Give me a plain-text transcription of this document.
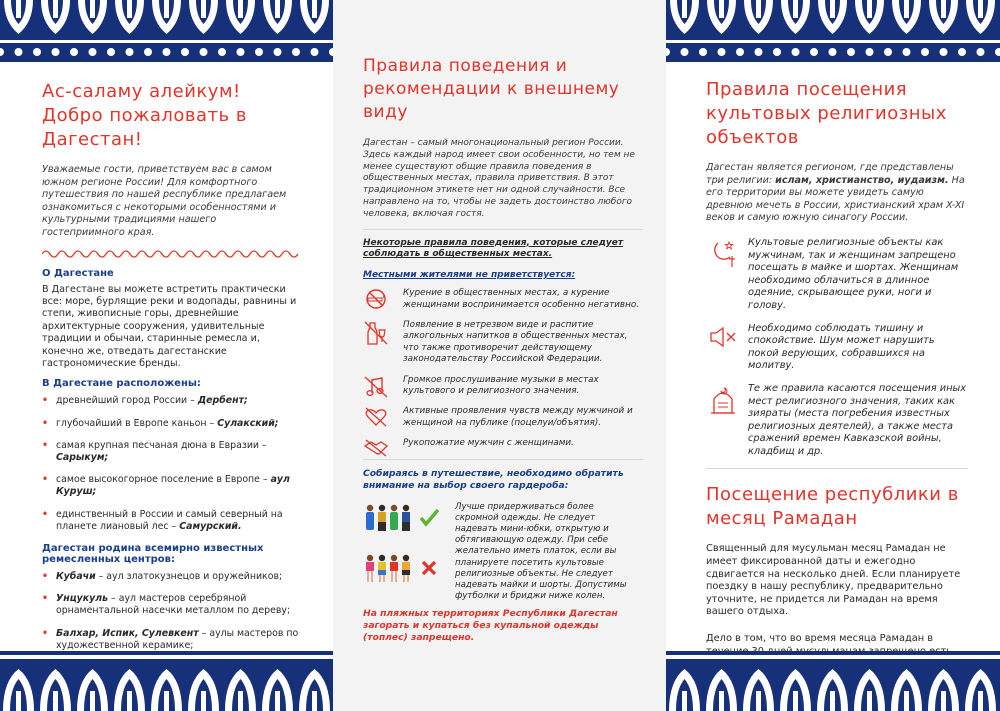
Ас-саламу алейкум! Добро пожаловать в Дагестан!
Уважаемые гости, приветствуем вас в самом южном регионе России! Для комфортного путешествия по нашей республике предлагаем ознакомиться с некоторыми особенностями и культурными традициями нашего гостеприимного края.
О Дагестане
В Дагестане вы можете встретить практически все: море, бурлящие реки и водопады, равнины и степи, живописные горы, древнейшие архитектурные сооружения, удивительные традиции и обычаи, старинные ремесла и, конечно же, отведать дагестанские гастрономические бренды.
В Дагестане расположены:
• древнейший город России – Дербент;
• глубочайший в Европе каньон – Сулакский;
• самая крупная песчаная дюна в Евразии – Сарыкум;
• самое высокогорное поселение в Европе – аул Куруш;
• единственный в России и самый северный на планете лиановый лес – Самурский.
Дагестан родина всемирно известных ремесленных центров:
• Кубачи – аул златокузнецов и оружейников;
• Унцукуль – аул мастеров серебряной орнаментальной насечки металлом по дереву;
• Балхар, Испик, Сулевкент – аулы мастеров по художественной керамике;
Правила поведения и рекомендации к внешнему виду
Дагестан – самый многонациональный регион России. Здесь каждый народ имеет свои особенности, но тем не менее существуют общие правила поведения в общественных местах, правила приветствия. В этот традиционном этикете нет ни одной случайности. Все направлено на то, чтобы не задеть достоинство любого человека, включая гостя.
Некоторые правила поведения, которые следует соблюдать в общественных местах.
Местными жителями не приветствуется:
Курение в общественных местах, а курение женщинами воспринимается особенно негативно.
Появление в нетрезвом виде и распитие алкогольных напитков в общественных местах, что также противоречит действующему законодательству Российской Федерации.
Громкое прослушивание музыки в местах культового и религиозного значения.
Активные проявления чувств между мужчиной и женщиной на публике (поцелуи/объятия).
Рукопожатие мужчин с женщинами.
Собираясь в путешествие, необходимо обратить внимание на выбор своего гардероба:
Лучше придерживаться более скромной одежды. Не следует надевать мини-юбки, открытую и обтягивающую одежду. При себе желательно иметь платок, если вы планируете посетить культовые религиозные объекты. Не следует надевать майки и шорты. Допустимы футболки и бриджи ниже колен.
На пляжных территориях Республики Дагестан загорать и купаться без купальной одежды (топлес) запрещено.
Правила посещения культовых религиозных объектов
Дагестан является регионом, где представлены три религии: ислам, христианство, иудаизм. На его территории вы можете увидеть самую древнюю мечеть в России, христианский храм X-XI веков и самую южную синагогу России.
Культовые религиозные объекты как мужчинам, так и женщинам запрещено посещать в майке и шортах. Женщинам необходимо облачиться в длинное одеяние, скрывающее руки, ноги и голову.
Необходимо соблюдать тишину и спокойствие. Шум может нарушить покой верующих, собравшихся на молитву.
Те же правила касаются посещения иных мест религиозного значения, таких как зияраты (места погребения известных религиозных деятелей), а также места сражений времен Кавказской войны, кладбищ и др.
Посещение республики в месяц Рамадан
Священный для мусульман месяц Рамадан не имеет фиксированной даты и ежегодно сдвигается на несколько дней. Если планируете поездку в нашу республику, предварительно уточните, не придется ли Рамадан на время вашего отдыха.
Дело в том, что во время месяца Рамадан в
